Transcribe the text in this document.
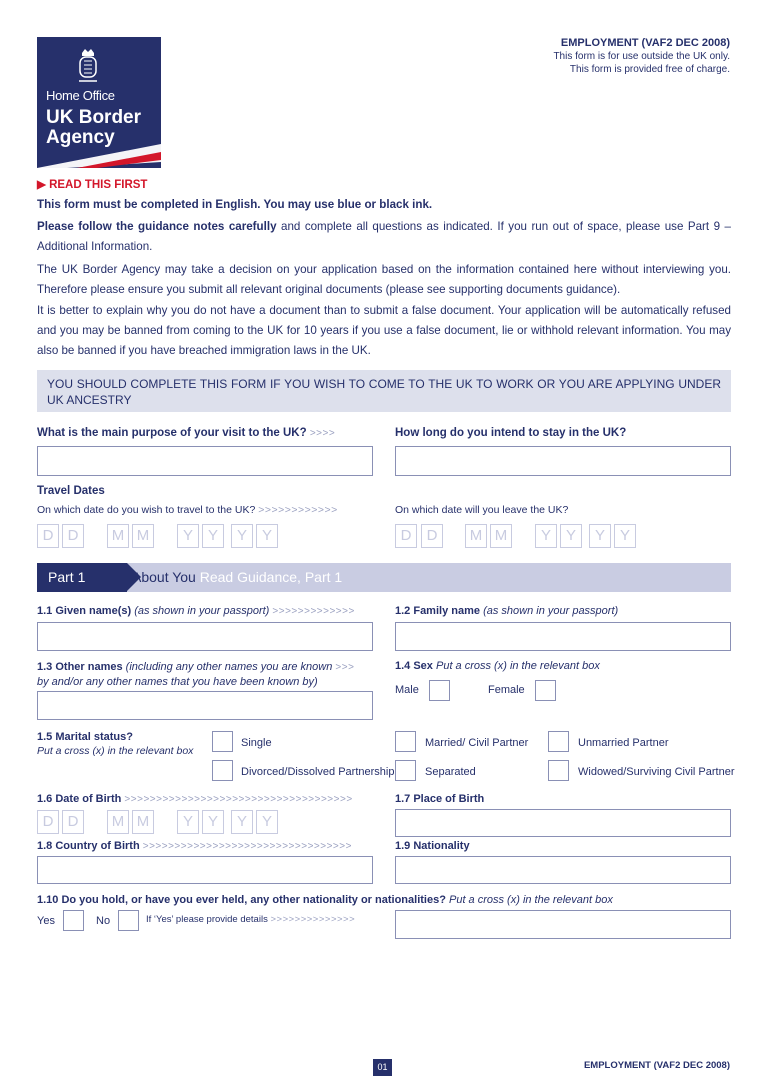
Home Office
UK Border
Agency
EMPLOYMENT (VAF2 DEC 2008)
This form is for use outside the UK only.
This form is provided free of charge.
▶ READ THIS FIRST
This form must be completed in English. You may use blue or black ink.
Please follow the guidance notes carefully and complete all questions as indicated. If you run out of space, please use Part 9 – Additional Information.
The UK Border Agency may take a decision on your application based on the information contained here without interviewing you. Therefore please ensure you submit all relevant original documents (please see supporting documents guidance).
It is better to explain why you do not have a document than to submit a false document. Your application will be automatically refused and you may be banned from coming to the UK for 10 years if you use a false document, lie or withhold relevant information. You may also be banned if you have breached immigration laws in the UK.
YOU SHOULD COMPLETE THIS FORM IF YOU WISH TO COME TO THE UK TO WORK OR YOU ARE APPLYING UNDER UK ANCESTRY
What is the main purpose of your visit to the UK? >>>>	How long do you intend to stay in the UK?
Travel Dates
On which date do you wish to travel to the UK? >>>>>>>>>>>>	On which date will you leave the UK?
D D	M M	Y Y	Y Y	D	D	M M	Y Y	Y Y
Part 1	About You Read Guidance, Part 1
1.1 Given name(s) (as shown in your passport) >>>>>>>>>>>>>	1.2 Family name (as shown in your passport)
1.3 Other names (including any other names you are known >>>
by and/or any other names that you have been known by)
1.4 Sex Put a cross (x) in the relevant box
Male	Female
1.5 Marital status?
Put a cross (x) in the relevant box
Single	Married/ Civil Partner	Unmarried Partner
Divorced/Dissolved Partnership	Separated	Widowed/Surviving Civil Partner
1.6 Date of Birth >>>>>>>>>>>>>>>>>>>>>>>>>>>>>>>>>>>>	1.7 Place of Birth
D D	M M	Y Y	Y Y
1.8 Country of Birth >>>>>>>>>>>>>>>>>>>>>>>>>>>>>>>>>	1.9 Nationality
1.10 Do you hold, or have you ever held, any other nationality or nationalities? Put a cross (x) in the relevant box
Yes	No	If ‘Yes’ please provide details >>>>>>>>>>>>>>
01	EMPLOYMENT (VAF2 DEC 2008)
